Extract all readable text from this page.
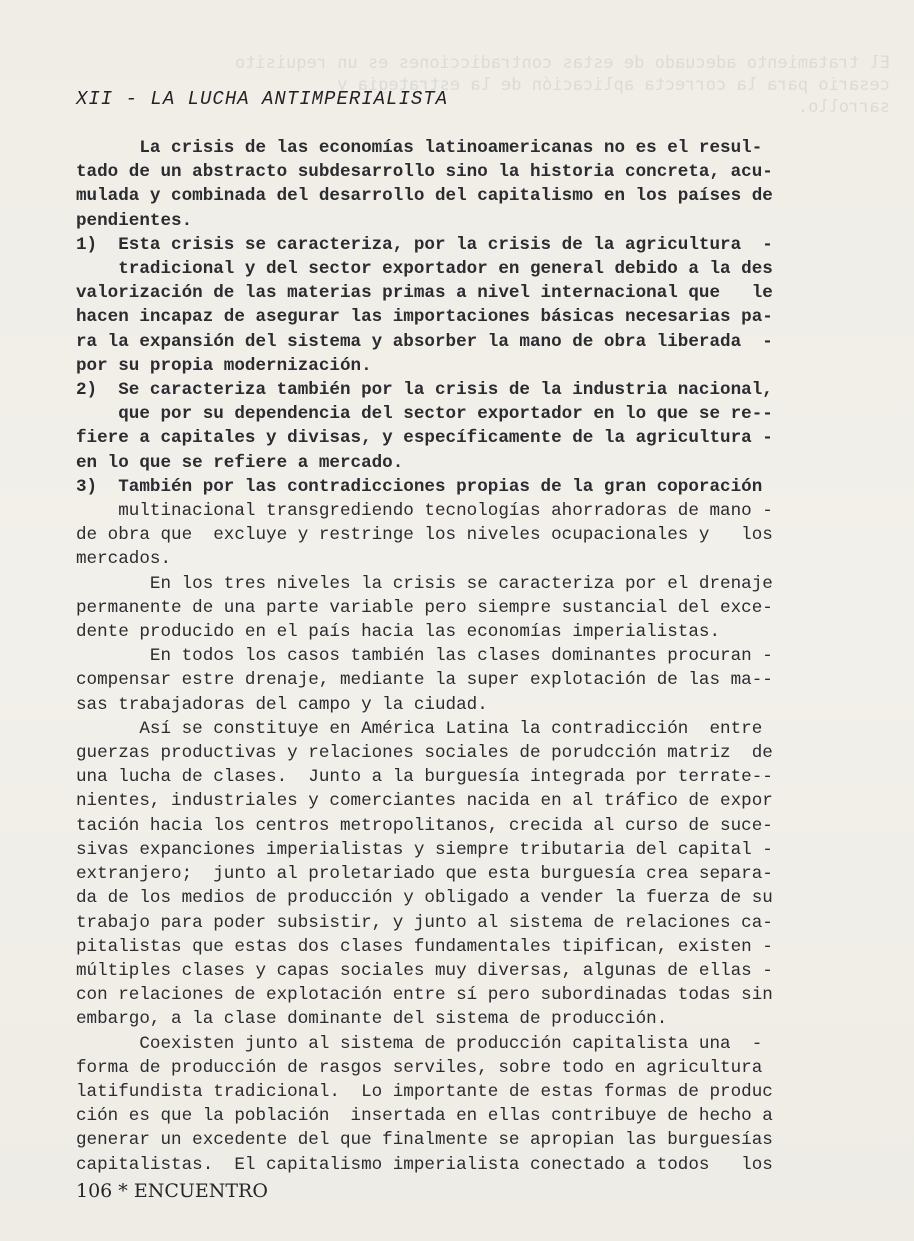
El tratamiento adecuado de estas contradicciones es un requisito
cesario para la correcta aplicación de la estrategia y
sarrollo.
XII - LA LUCHA ANTIMPERIALISTA
La crisis de las economías latinoamericanas no es el resul-
tado de un abstracto subdesarrollo sino la historia concreta, acu-
mulada y combinada del desarrollo del capitalismo en los países de
pendientes.
1)  Esta crisis se caracteriza, por la crisis de la agricultura  -
tradicional y del sector exportador en general debido a la des
valorización de las materias primas a nivel internacional que   le
hacen incapaz de asegurar las importaciones básicas necesarias pa-
ra la expansión del sistema y absorber la mano de obra liberada  -
por su propia modernización.
2)  Se caracteriza también por la crisis de la industria nacional,
que por su dependencia del sector exportador en lo que se re--
fiere a capitales y divisas, y específicamente de la agricultura -
en lo que se refiere a mercado.
3)  También por las contradicciones propias de la gran coporación
multinacional transgrediendo tecnologías ahorradoras de mano -
de obra que  excluye y restringe los niveles ocupacionales y   los
mercados.
En los tres niveles la crisis se caracteriza por el drenaje
permanente de una parte variable pero siempre sustancial del exce-
dente producido en el país hacia las economías imperialistas.
En todos los casos también las clases dominantes procuran -
compensar estre drenaje, mediante la super explotación de las ma--
sas trabajadoras del campo y la ciudad.
Así se constituye en América Latina la contradicción  entre
guerzas productivas y relaciones sociales de porudcción matriz  de
una lucha de clases.  Junto a la burguesía integrada por terrate--
nientes, industriales y comerciantes nacida en al tráfico de expor
tación hacia los centros metropolitanos, crecida al curso de suce-
sivas expanciones imperialistas y siempre tributaria del capital -
extranjero;  junto al proletariado que esta burguesía crea separa-
da de los medios de producción y obligado a vender la fuerza de su
trabajo para poder subsistir, y junto al sistema de relaciones ca-
pitalistas que estas dos clases fundamentales tipifican, existen -
múltiples clases y capas sociales muy diversas, algunas de ellas -
con relaciones de explotación entre sí pero subordinadas todas sin
embargo, a la clase dominante del sistema de producción.
Coexisten junto al sistema de producción capitalista una  -
forma de producción de rasgos serviles, sobre todo en agricultura
latifundista tradicional.  Lo importante de estas formas de produc
ción es que la población  insertada en ellas contribuye de hecho a
generar un excedente del que finalmente se apropian las burguesías
capitalistas.  El capitalismo imperialista conectado a todos   los
106 * ENCUENTRO
